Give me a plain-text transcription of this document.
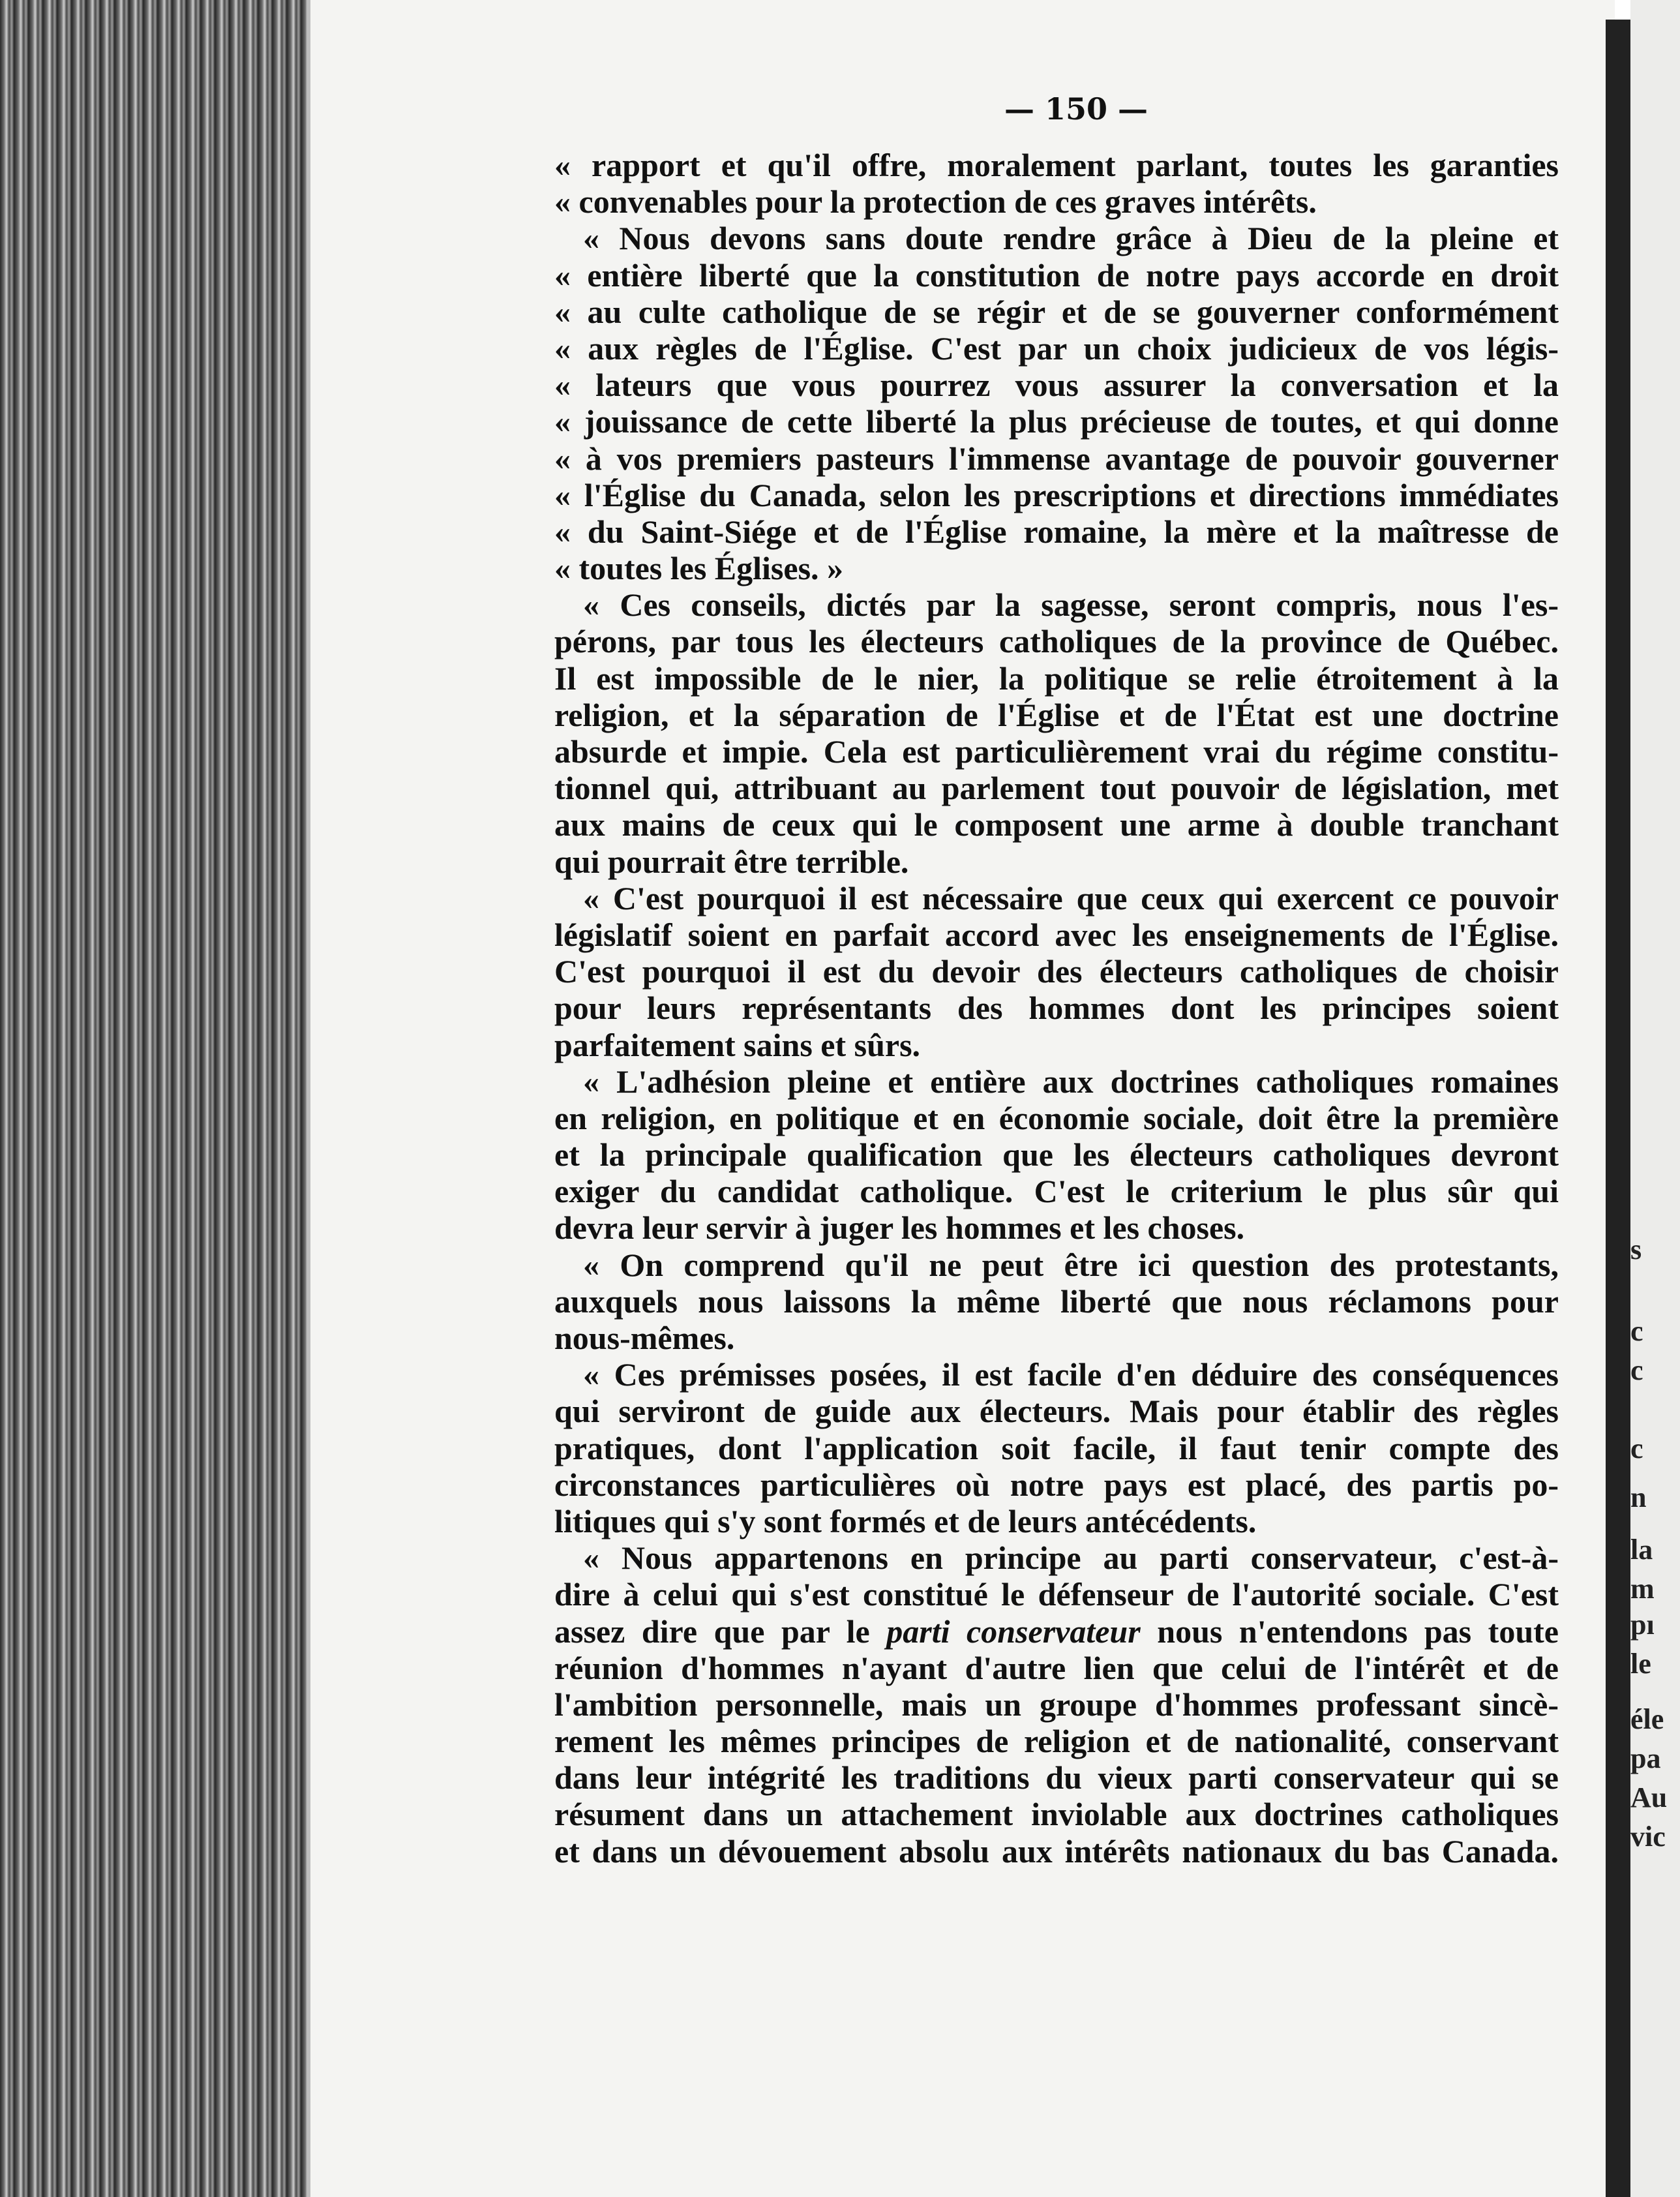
— 150 —
« rapport et qu'il offre, moralement parlant, toutes les garanties
« convenables pour la protection de ces graves intérêts.
« Nous devons sans doute rendre grâce à Dieu de la pleine et
« entière liberté que la constitution de notre pays accorde en droit
« au culte catholique de se régir et de se gouverner conformément
« aux règles de l'Église. C'est par un choix judicieux de vos légis-
« lateurs que vous pourrez vous assurer la conversation et la
« jouissance de cette liberté la plus précieuse de toutes, et qui donne
« à vos premiers pasteurs l'immense avantage de pouvoir gouverner
« l'Église du Canada, selon les prescriptions et directions immédiates
« du Saint-Siége et de l'Église romaine, la mère et la maîtresse de
« toutes les Églises. »
« Ces conseils, dictés par la sagesse, seront compris, nous l'es-
pérons, par tous les électeurs catholiques de la province de Québec.
Il est impossible de le nier, la politique se relie étroitement à la
religion, et la séparation de l'Église et de l'État est une doctrine
absurde et impie. Cela est particulièrement vrai du régime constitu-
tionnel qui, attribuant au parlement tout pouvoir de législation, met
aux mains de ceux qui le composent une arme à double tranchant
qui pourrait être terrible.
« C'est pourquoi il est nécessaire que ceux qui exercent ce pouvoir
législatif soient en parfait accord avec les enseignements de l'Église.
C'est pourquoi il est du devoir des électeurs catholiques de choisir
pour leurs représentants des hommes dont les principes soient
parfaitement sains et sûrs.
« L'adhésion pleine et entière aux doctrines catholiques romaines
en religion, en politique et en économie sociale, doit être la première
et la principale qualification que les électeurs catholiques devront
exiger du candidat catholique. C'est le criterium le plus sûr qui
devra leur servir à juger les hommes et les choses.
« On comprend qu'il ne peut être ici question des protestants,
auxquels nous laissons la même liberté que nous réclamons pour
nous-mêmes.
« Ces prémisses posées, il est facile d'en déduire des conséquences
qui serviront de guide aux électeurs. Mais pour établir des règles
pratiques, dont l'application soit facile, il faut tenir compte des
circonstances particulières où notre pays est placé, des partis po-
litiques qui s'y sont formés et de leurs antécédents.
« Nous appartenons en principe au parti conservateur, c'est-à-
dire à celui qui s'est constitué le défenseur de l'autorité sociale. C'est
assez dire que par le parti conservateur nous n'entendons pas toute
réunion d'hommes n'ayant d'autre lien que celui de l'intérêt et de
l'ambition personnelle, mais un groupe d'hommes professant sincè-
rement les mêmes principes de religion et de nationalité, conservant
dans leur intégrité les traditions du vieux parti conservateur qui se
résument dans un attachement inviolable aux doctrines catholiques
et dans un dévouement absolu aux intérêts nationaux du bas Canada.
s
c
c
c
n
la
m
pı
le
éle
pa
Au
vic
